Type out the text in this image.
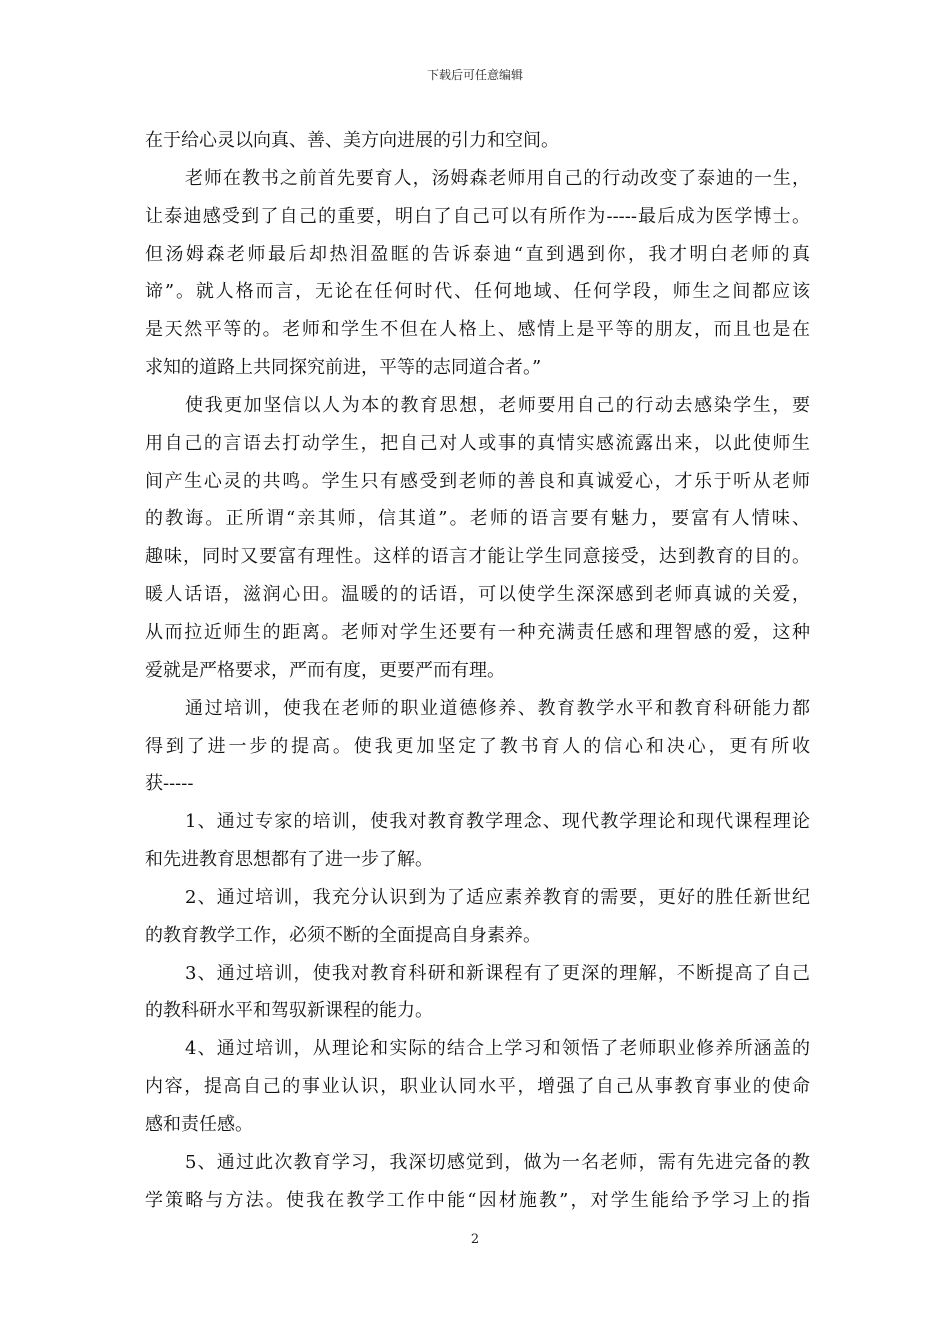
下载后可任意编辑
在于给心灵以向真、善、美方向进展的引力和空间。
老师在教书之前首先要育人，汤姆森老师用自己的行动改变了泰迪的一生，
让泰迪感受到了自己的重要，明白了自己可以有所作为-----最后成为医学博士。
但汤姆森老师最后却热泪盈眶的告诉泰迪“直到遇到你，我才明白老师的真
谛”。就人格而言，无论在任何时代、任何地域、任何学段，师生之间都应该
是天然平等的。老师和学生不但在人格上、感情上是平等的朋友，而且也是在
求知的道路上共同探究前进，平等的志同道合者。”
使我更加坚信以人为本的教育思想，老师要用自己的行动去感染学生，要
用自己的言语去打动学生，把自己对人或事的真情实感流露出来，以此使师生
间产生心灵的共鸣。学生只有感受到老师的善良和真诚爱心，才乐于听从老师
的教诲。正所谓“亲其师，信其道”。老师的语言要有魅力，要富有人情味、
趣味，同时又要富有理性。这样的语言才能让学生同意接受，达到教育的目的。
暖人话语，滋润心田。温暖的的话语，可以使学生深深感到老师真诚的关爱，
从而拉近师生的距离。老师对学生还要有一种充满责任感和理智感的爱，这种
爱就是严格要求，严而有度，更要严而有理。
通过培训，使我在老师的职业道德修养、教育教学水平和教育科研能力都
得到了进一步的提高。使我更加坚定了教书育人的信心和决心，更有所收
获-----
1、通过专家的培训，使我对教育教学理念、现代教学理论和现代课程理论
和先进教育思想都有了进一步了解。
2、通过培训，我充分认识到为了适应素养教育的需要，更好的胜任新世纪
的教育教学工作，必须不断的全面提高自身素养。
3、通过培训，使我对教育科研和新课程有了更深的理解，不断提高了自己
的教科研水平和驾驭新课程的能力。
4、通过培训，从理论和实际的结合上学习和领悟了老师职业修养所涵盖的
内容，提高自己的事业认识，职业认同水平，增强了自己从事教育事业的使命
感和责任感。
5、通过此次教育学习，我深切感觉到，做为一名老师，需有先进完备的教
学策略与方法。使我在教学工作中能“因材施教”，对学生能给予学习上的指
2
